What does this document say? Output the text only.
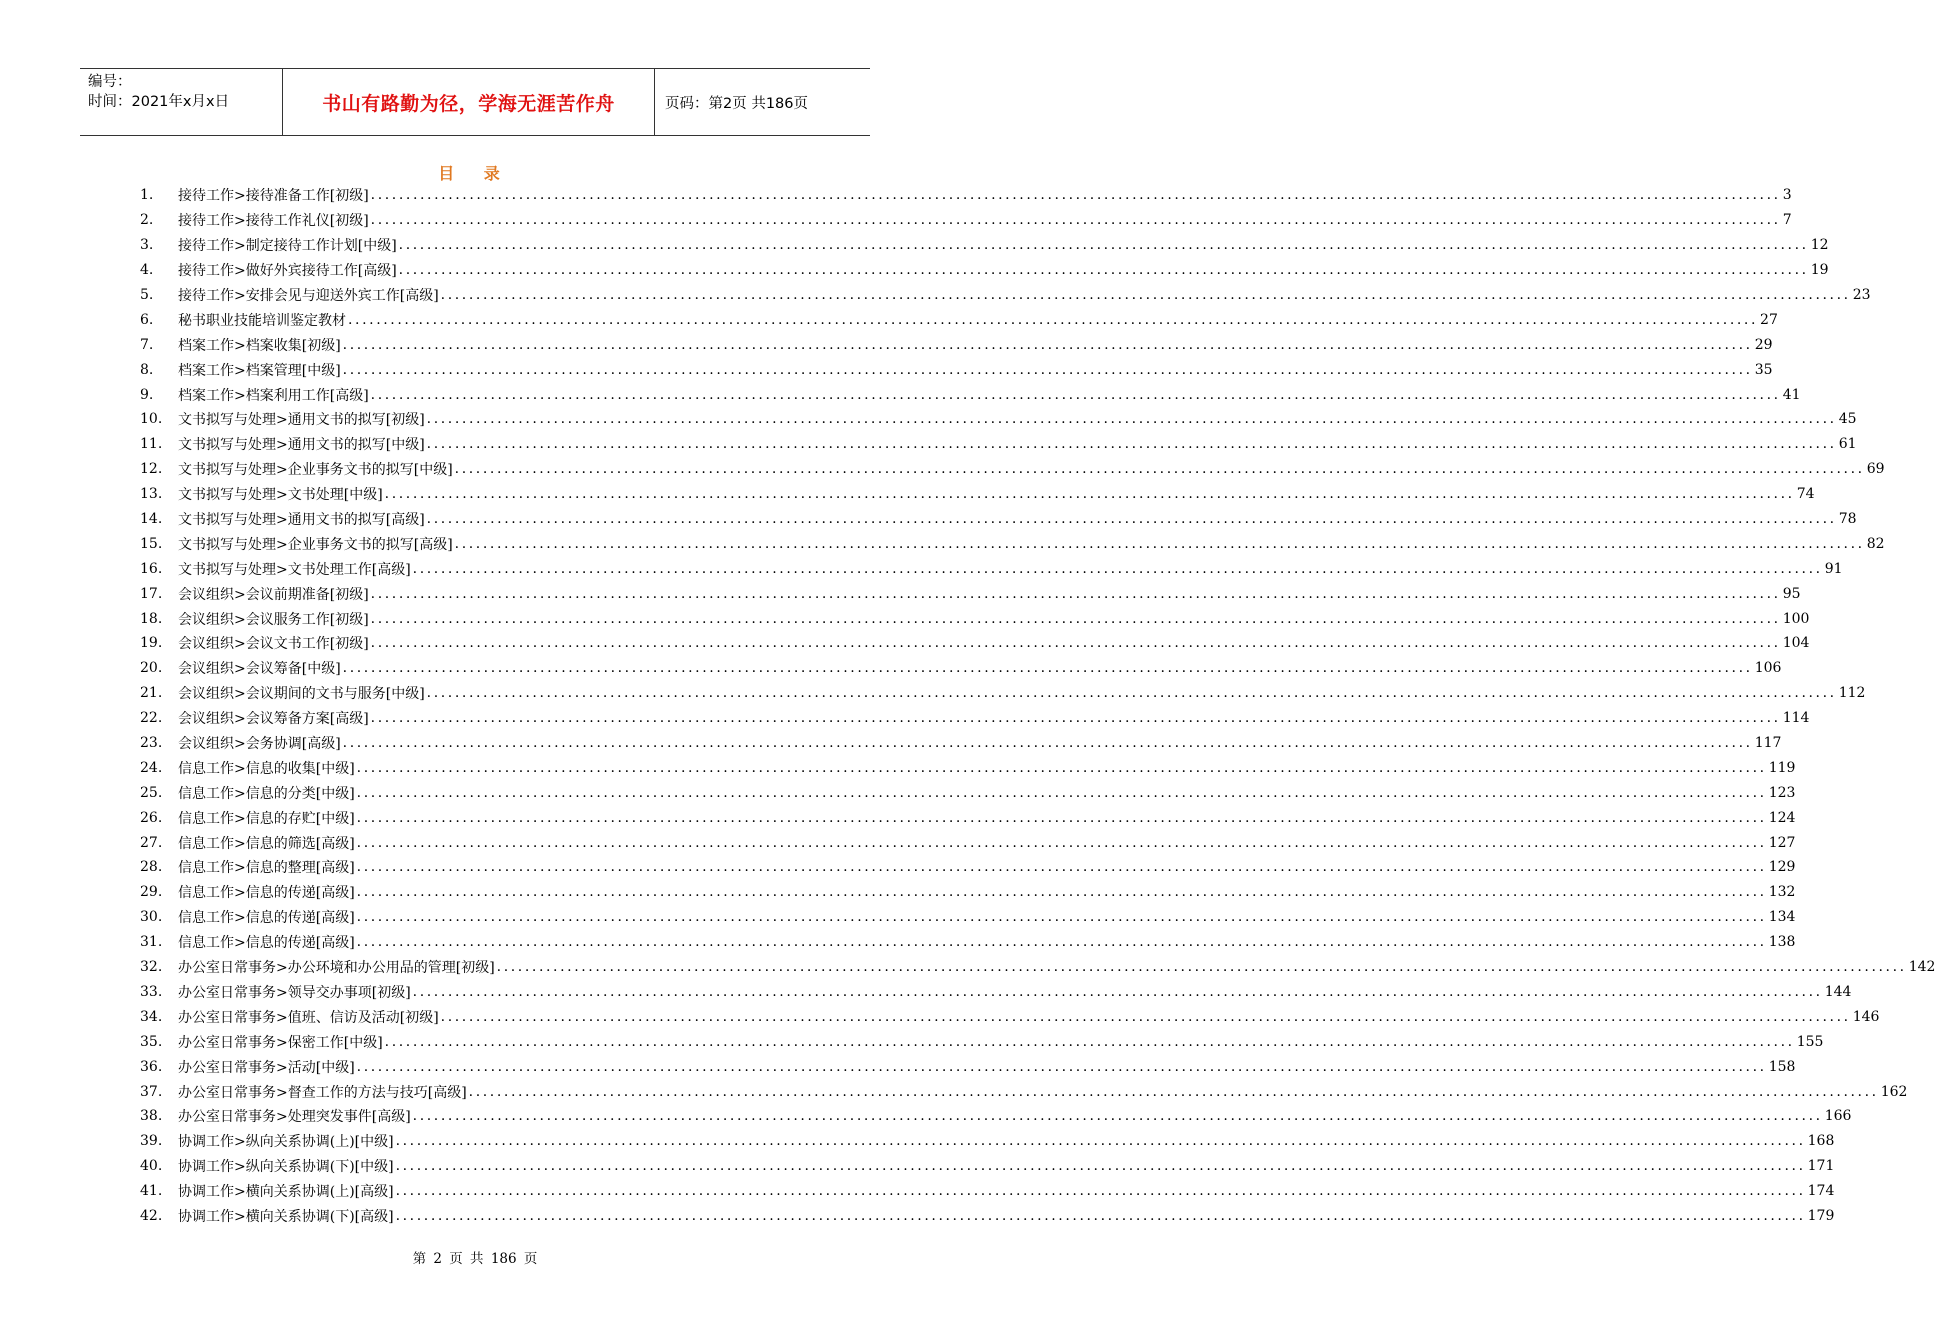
编号：
时间：2021年x月x日	书山有路勤为径，学海无涯苦作舟	页码：第2页 共186页
目 录
1.	接待工作>接待准备工作[初级] ........................................................................................................................................................................................................ 3
2.	接待工作>接待工作礼仪[初级] ........................................................................................................................................................................................................ 7
3.	接待工作>制定接待工作计划[中级] ........................................................................................................................................................................................................ 12
4.	接待工作>做好外宾接待工作[高级] ........................................................................................................................................................................................................ 19
5.	接待工作>安排会见与迎送外宾工作[高级] ........................................................................................................................................................................................................ 23
6.	秘书职业技能培训鉴定教材 ........................................................................................................................................................................................................ 27
7.	档案工作>档案收集[初级] ........................................................................................................................................................................................................ 29
8.	档案工作>档案管理[中级] ........................................................................................................................................................................................................ 35
9.	档案工作>档案利用工作[高级] ........................................................................................................................................................................................................ 41
10.	文书拟写与处理>通用文书的拟写[初级] ........................................................................................................................................................................................................ 45
11.	文书拟写与处理>通用文书的拟写[中级] ........................................................................................................................................................................................................ 61
12.	文书拟写与处理>企业事务文书的拟写[中级] ........................................................................................................................................................................................................ 69
13.	文书拟写与处理>文书处理[中级] ........................................................................................................................................................................................................ 74
14.	文书拟写与处理>通用文书的拟写[高级] ........................................................................................................................................................................................................ 78
15.	文书拟写与处理>企业事务文书的拟写[高级] ........................................................................................................................................................................................................ 82
16.	文书拟写与处理>文书处理工作[高级] ........................................................................................................................................................................................................ 91
17.	会议组织>会议前期准备[初级] ........................................................................................................................................................................................................ 95
18.	会议组织>会议服务工作[初级] ........................................................................................................................................................................................................ 100
19.	会议组织>会议文书工作[初级] ........................................................................................................................................................................................................ 104
20.	会议组织>会议筹备[中级] ........................................................................................................................................................................................................ 106
21.	会议组织>会议期间的文书与服务[中级] ........................................................................................................................................................................................................ 112
22.	会议组织>会议筹备方案[高级] ........................................................................................................................................................................................................ 114
23.	会议组织>会务协调[高级] ........................................................................................................................................................................................................ 117
24.	信息工作>信息的收集[中级] ........................................................................................................................................................................................................ 119
25.	信息工作>信息的分类[中级] ........................................................................................................................................................................................................ 123
26.	信息工作>信息的存贮[中级] ........................................................................................................................................................................................................ 124
27.	信息工作>信息的筛选[高级] ........................................................................................................................................................................................................ 127
28.	信息工作>信息的整理[高级] ........................................................................................................................................................................................................ 129
29.	信息工作>信息的传递[高级] ........................................................................................................................................................................................................ 132
30.	信息工作>信息的传递[高级] ........................................................................................................................................................................................................ 134
31.	信息工作>信息的传递[高级] ........................................................................................................................................................................................................ 138
32.	办公室日常事务>办公环境和办公用品的管理[初级] ........................................................................................................................................................................................................ 142
33.	办公室日常事务>领导交办事项[初级] ........................................................................................................................................................................................................ 144
34.	办公室日常事务>值班、信访及活动[初级] ........................................................................................................................................................................................................ 146
35.	办公室日常事务>保密工作[中级] ........................................................................................................................................................................................................ 155
36.	办公室日常事务>活动[中级] ........................................................................................................................................................................................................ 158
37.	办公室日常事务>督查工作的方法与技巧[高级] ........................................................................................................................................................................................................ 162
38.	办公室日常事务>处理突发事件[高级] ........................................................................................................................................................................................................ 166
39.	协调工作>纵向关系协调(上)[中级] ........................................................................................................................................................................................................ 168
40.	协调工作>纵向关系协调(下)[中级] ........................................................................................................................................................................................................ 171
41.	协调工作>横向关系协调(上)[高级] ........................................................................................................................................................................................................ 174
42.	协调工作>横向关系协调(下)[高级] ........................................................................................................................................................................................................ 179
第 2 页 共 186 页
